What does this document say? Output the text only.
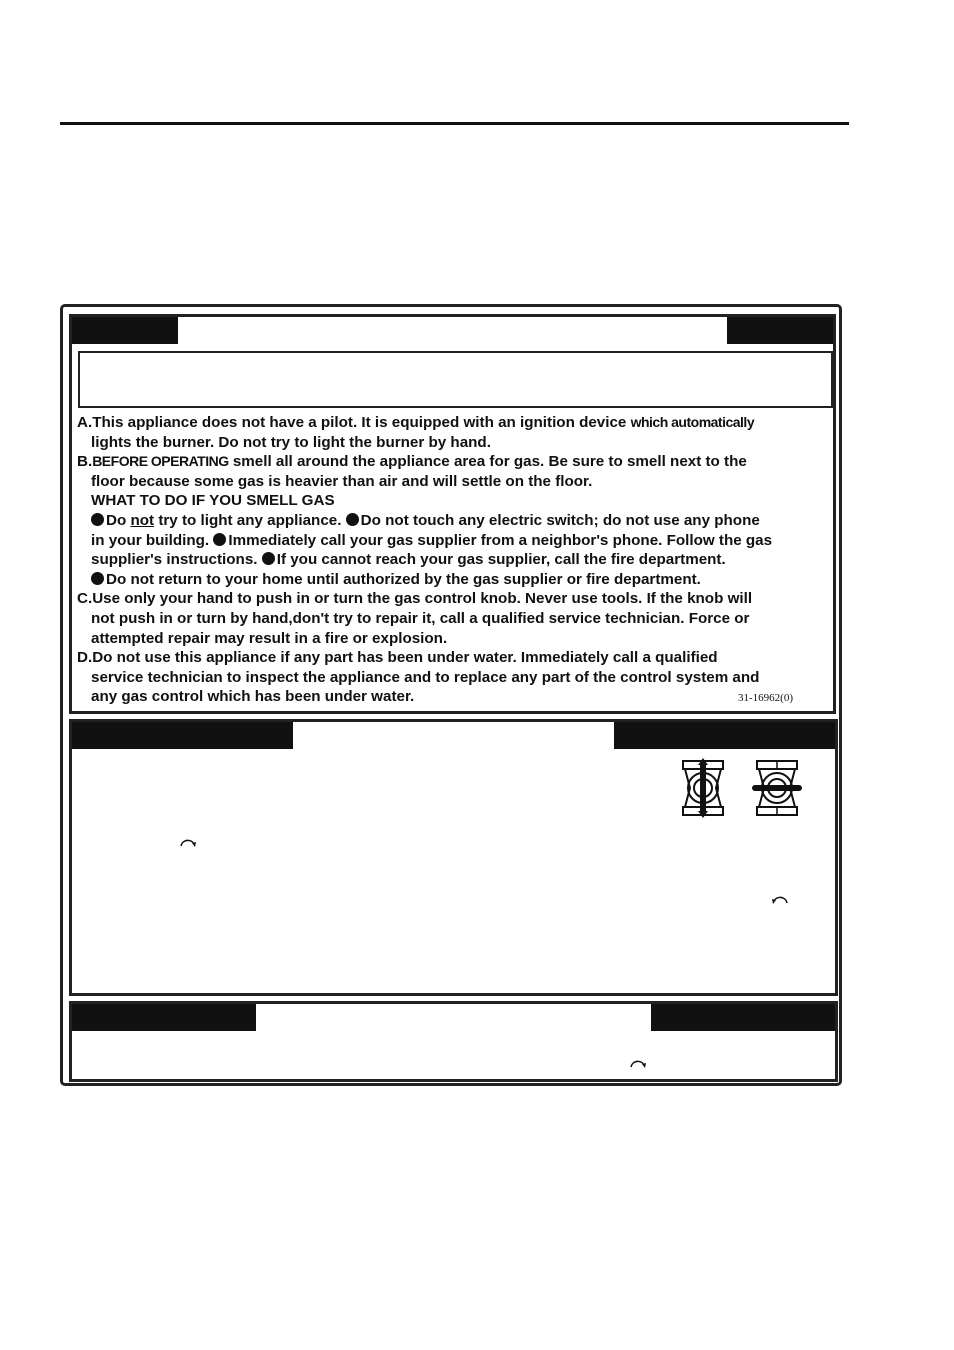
A.This appliance does not have a pilot. It is equipped with an ignition device which automatically

lights the burner. Do not try to light the burner by hand.

B.BEFORE OPERATING smell all around the appliance area for gas. Be sure to smell next to the

floor because some gas is heavier than air and will settle on the floor.

WHAT TO DO IF YOU SMELL GAS

Do not try to light any appliance. Do not touch any electric switch; do not use any phone

in your building. Immediately call your gas supplier from a neighbor's phone. Follow the gas

supplier's instructions. If you cannot reach your gas supplier, call the fire department.

Do not return to your home until authorized by the gas supplier or fire department.

C.Use only your hand to push in or turn the gas control knob. Never use tools. If the knob will

not push in or turn by hand,don't try to repair it, call a qualified service technician. Force or

attempted repair may result in a fire or explosion.

D.Do not use this appliance if any part has been under water. Immediately call a qualified

service technician to inspect the appliance and to replace any part of the control system and

any gas control which has been under water.	31-16962(0)
